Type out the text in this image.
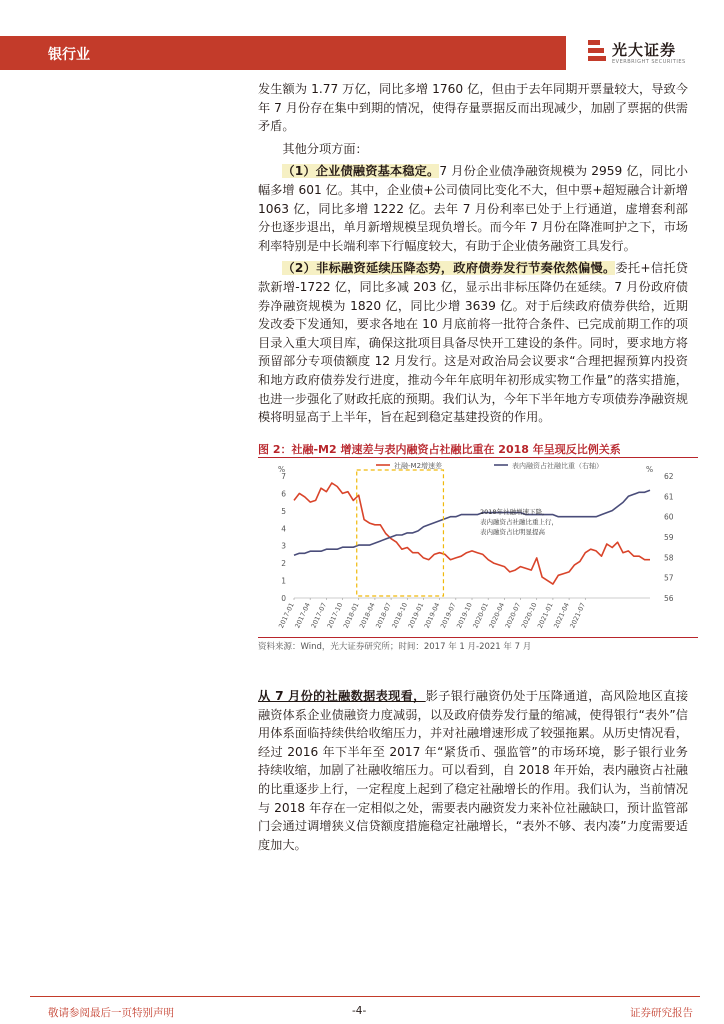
银行业	光大证券
EVERBRIGHT SECURITIES

发生额为 1.77 万亿，同比多增 1760 亿，但由于去年同期开票量较大，导致今年 7 月份存在集中到期的情况，使得存量票据反而出现减少，加剧了票据的供需矛盾。

其他分项方面：

（1）企业债融资基本稳定。7 月份企业债净融资规模为 2959 亿，同比小幅多增 601 亿。其中，企业债+公司债同比变化不大，但中票+超短融合计新增 1063 亿，同比多增 1222 亿。去年 7 月份利率已处于上行通道，虚增套利部分也逐步退出，单月新增规模呈现负增长。而今年 7 月份在降准呵护之下，市场利率特别是中长端利率下行幅度较大，有助于企业债务融资工具发行。

（2）非标融资延续压降态势，政府债券发行节奏依然偏慢。委托+信托贷款新增-1722 亿，同比多减 203 亿，显示出非标压降仍在延续。7 月份政府债券净融资规模为 1820 亿，同比少增 3639 亿。对于后续政府债券供给，近期发改委下发通知，要求各地在 10 月底前将一批符合条件、已完成前期工作的项目录入重大项目库，确保这批项目具备尽快开工建设的条件。同时，要求地方将预留部分专项债额度 12 月发行。这是对政治局会议要求“合理把握预算内投资和地方政府债券发行进度，推动今年年底明年初形成实物工作量”的落实措施，也进一步强化了财政托底的预期。我们认为，今年下半年地方专项债券净融资规模将明显高于上半年，旨在起到稳定基建投资的作用。

图 2：社融-M2 增速差与表内融资占社融比重在 2018 年呈现反比例关系
社融-M2增速差	表内融资占社融比重（右轴）
0
1
2
3
4
5
6
7
%
56
57
58
59
60
61
62
%
2017-01
2017-04
2017-07
2017-10
2018-01
2018-04
2018-07
2018-10
2019-01
2019-04
2019-07
2019-10
2020-01
2020-04
2020-07
2020-10
2021-01
2021-04
2021-07
2018年社融增速下降，
表内融资占社融比重上行，
表内融资占比明显提高
资料来源：Wind，光大证券研究所；时间：2017 年 1 月-2021 年 7 月

从 7 月份的社融数据表现看，影子银行融资仍处于压降通道，高风险地区直接融资体系企业债融资力度减弱，以及政府债券发行量的缩减，使得银行“表外”信用体系面临持续供给收缩压力，并对社融增速形成了较强拖累。从历史情况看，经过 2016 年下半年至 2017 年“紧货币、强监管”的市场环境，影子银行业务持续收缩，加剧了社融收缩压力。可以看到，自 2018 年开始，表内融资占社融的比重逐步上行，一定程度上起到了稳定社融增长的作用。我们认为，当前情况与 2018 年存在一定相似之处，需要表内融资发力来补位社融缺口，预计监管部门会通过调增狭义信贷额度措施稳定社融增长，“表外不够、表内凑”力度需要适度加大。

敬请参阅最后一页特别声明	-4-	证券研究报告
